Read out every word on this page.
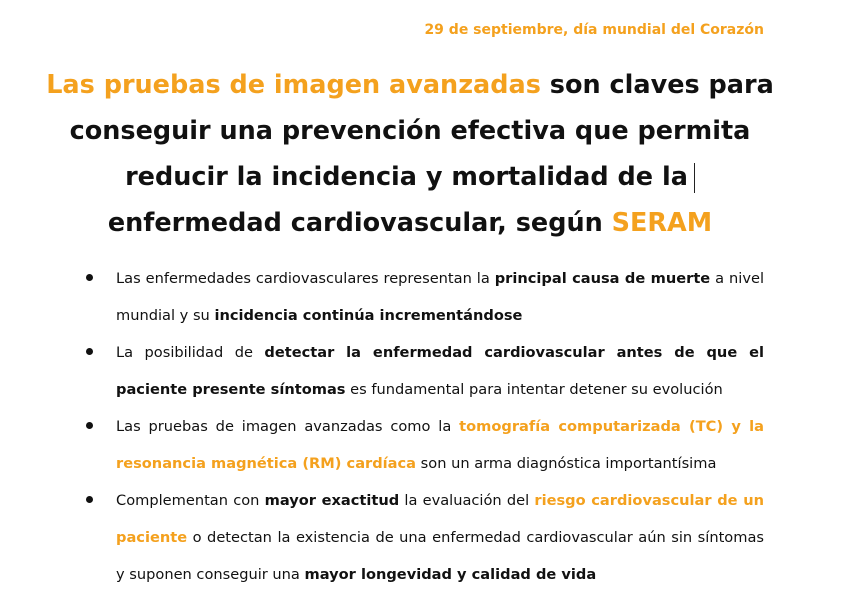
29 de septiembre, día mundial del Corazón
Las pruebas de imagen avanzadas son claves para
conseguir una prevención efectiva que permita
reducir la incidencia y mortalidad de la
enfermedad cardiovascular, según SERAM
Las enfermedades cardiovasculares representan la principal causa de muerte a nivel mundial y su incidencia continúa incrementándose
La posibilidad de detectar la enfermedad cardiovascular antes de que el paciente presente síntomas es fundamental para intentar detener su evolución
Las pruebas de imagen avanzadas como la tomografía computarizada (TC) y la resonancia magnética (RM) cardíaca son un arma diagnóstica importantísima
Complementan con mayor exactitud la evaluación del riesgo cardiovascular de un paciente o detectan la existencia de una enfermedad cardiovascular aún sin síntomas y suponen conseguir una mayor longevidad y calidad de vida
